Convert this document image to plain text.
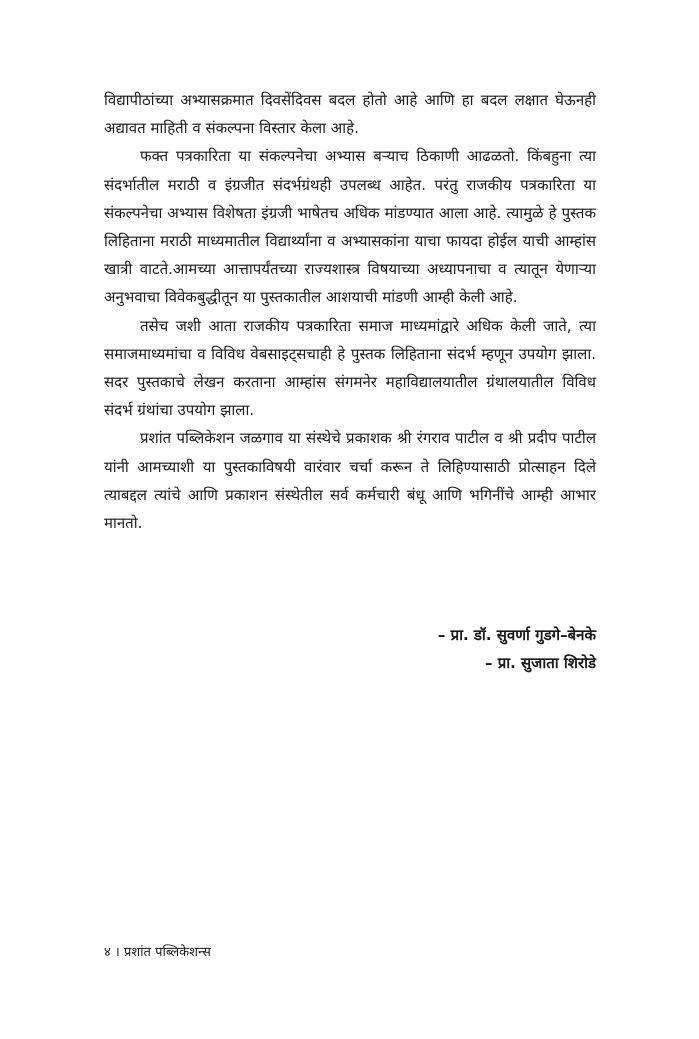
विद्यापीठांच्या अभ्यासक्रमात दिवसेंदिवस बदल होतो आहे आणि हा बदल लक्षात घेऊनही अद्यावत माहिती व संकल्पना विस्तार केला आहे.

फक्त पत्रकारिता या संकल्पनेचा अभ्यास बऱ्याच ठिकाणी आढळतो. किंबहुना त्या संदर्भातील मराठी व इंग्रजीत संदर्भग्रंथही उपलब्ध आहेत. परंतु राजकीय पत्रकारिता या संकल्पनेचा अभ्यास विशेषता इंग्रजी भाषेतच अधिक मांडण्यात आला आहे. त्यामुळे हे पुस्तक लिहिताना मराठी माध्यमातील विद्यार्थ्यांना व अभ्यासकांना याचा फायदा होईल याची आम्हांस खात्री वाटते.आमच्या आत्तापर्यंतच्या राज्यशास्त्र विषयाच्या अध्यापनाचा व त्यातून येणाऱ्या अनुभवाचा विवेकबुद्धीतून या पुस्तकातील आशयाची मांडणी आम्ही केली आहे.

तसेच जशी आता राजकीय पत्रकारिता समाज माध्यमांद्वारे अधिक केली जाते, त्या समाजमाध्यमांचा व विविध वेबसाइट्सचाही हे पुस्तक लिहिताना संदर्भ म्हणून उपयोग झाला. सदर पुस्तकाचे लेखन करताना आम्हांस संगमनेर महाविद्यालयातील ग्रंथालयातील विविध संदर्भ ग्रंथांचा उपयोग झाला.

प्रशांत पब्लिकेशन जळगाव या संस्थेचे प्रकाशक श्री रंगराव पाटील व श्री प्रदीप पाटील यांनी आमच्याशी या पुस्तकाविषयी वारंवार चर्चा करून ते लिहिण्यासाठी प्रोत्साहन दिले त्याबद्दल त्यांचे आणि प्रकाशन संस्थेतील सर्व कर्मचारी बंधू आणि भगिनींचे आम्ही आभार मानतो.

– प्रा. डॉ. सुवर्णा गुडगे–बेनके
– प्रा. सुजाता शिरोडे
४ । प्रशांत पब्लिकेशन्स
